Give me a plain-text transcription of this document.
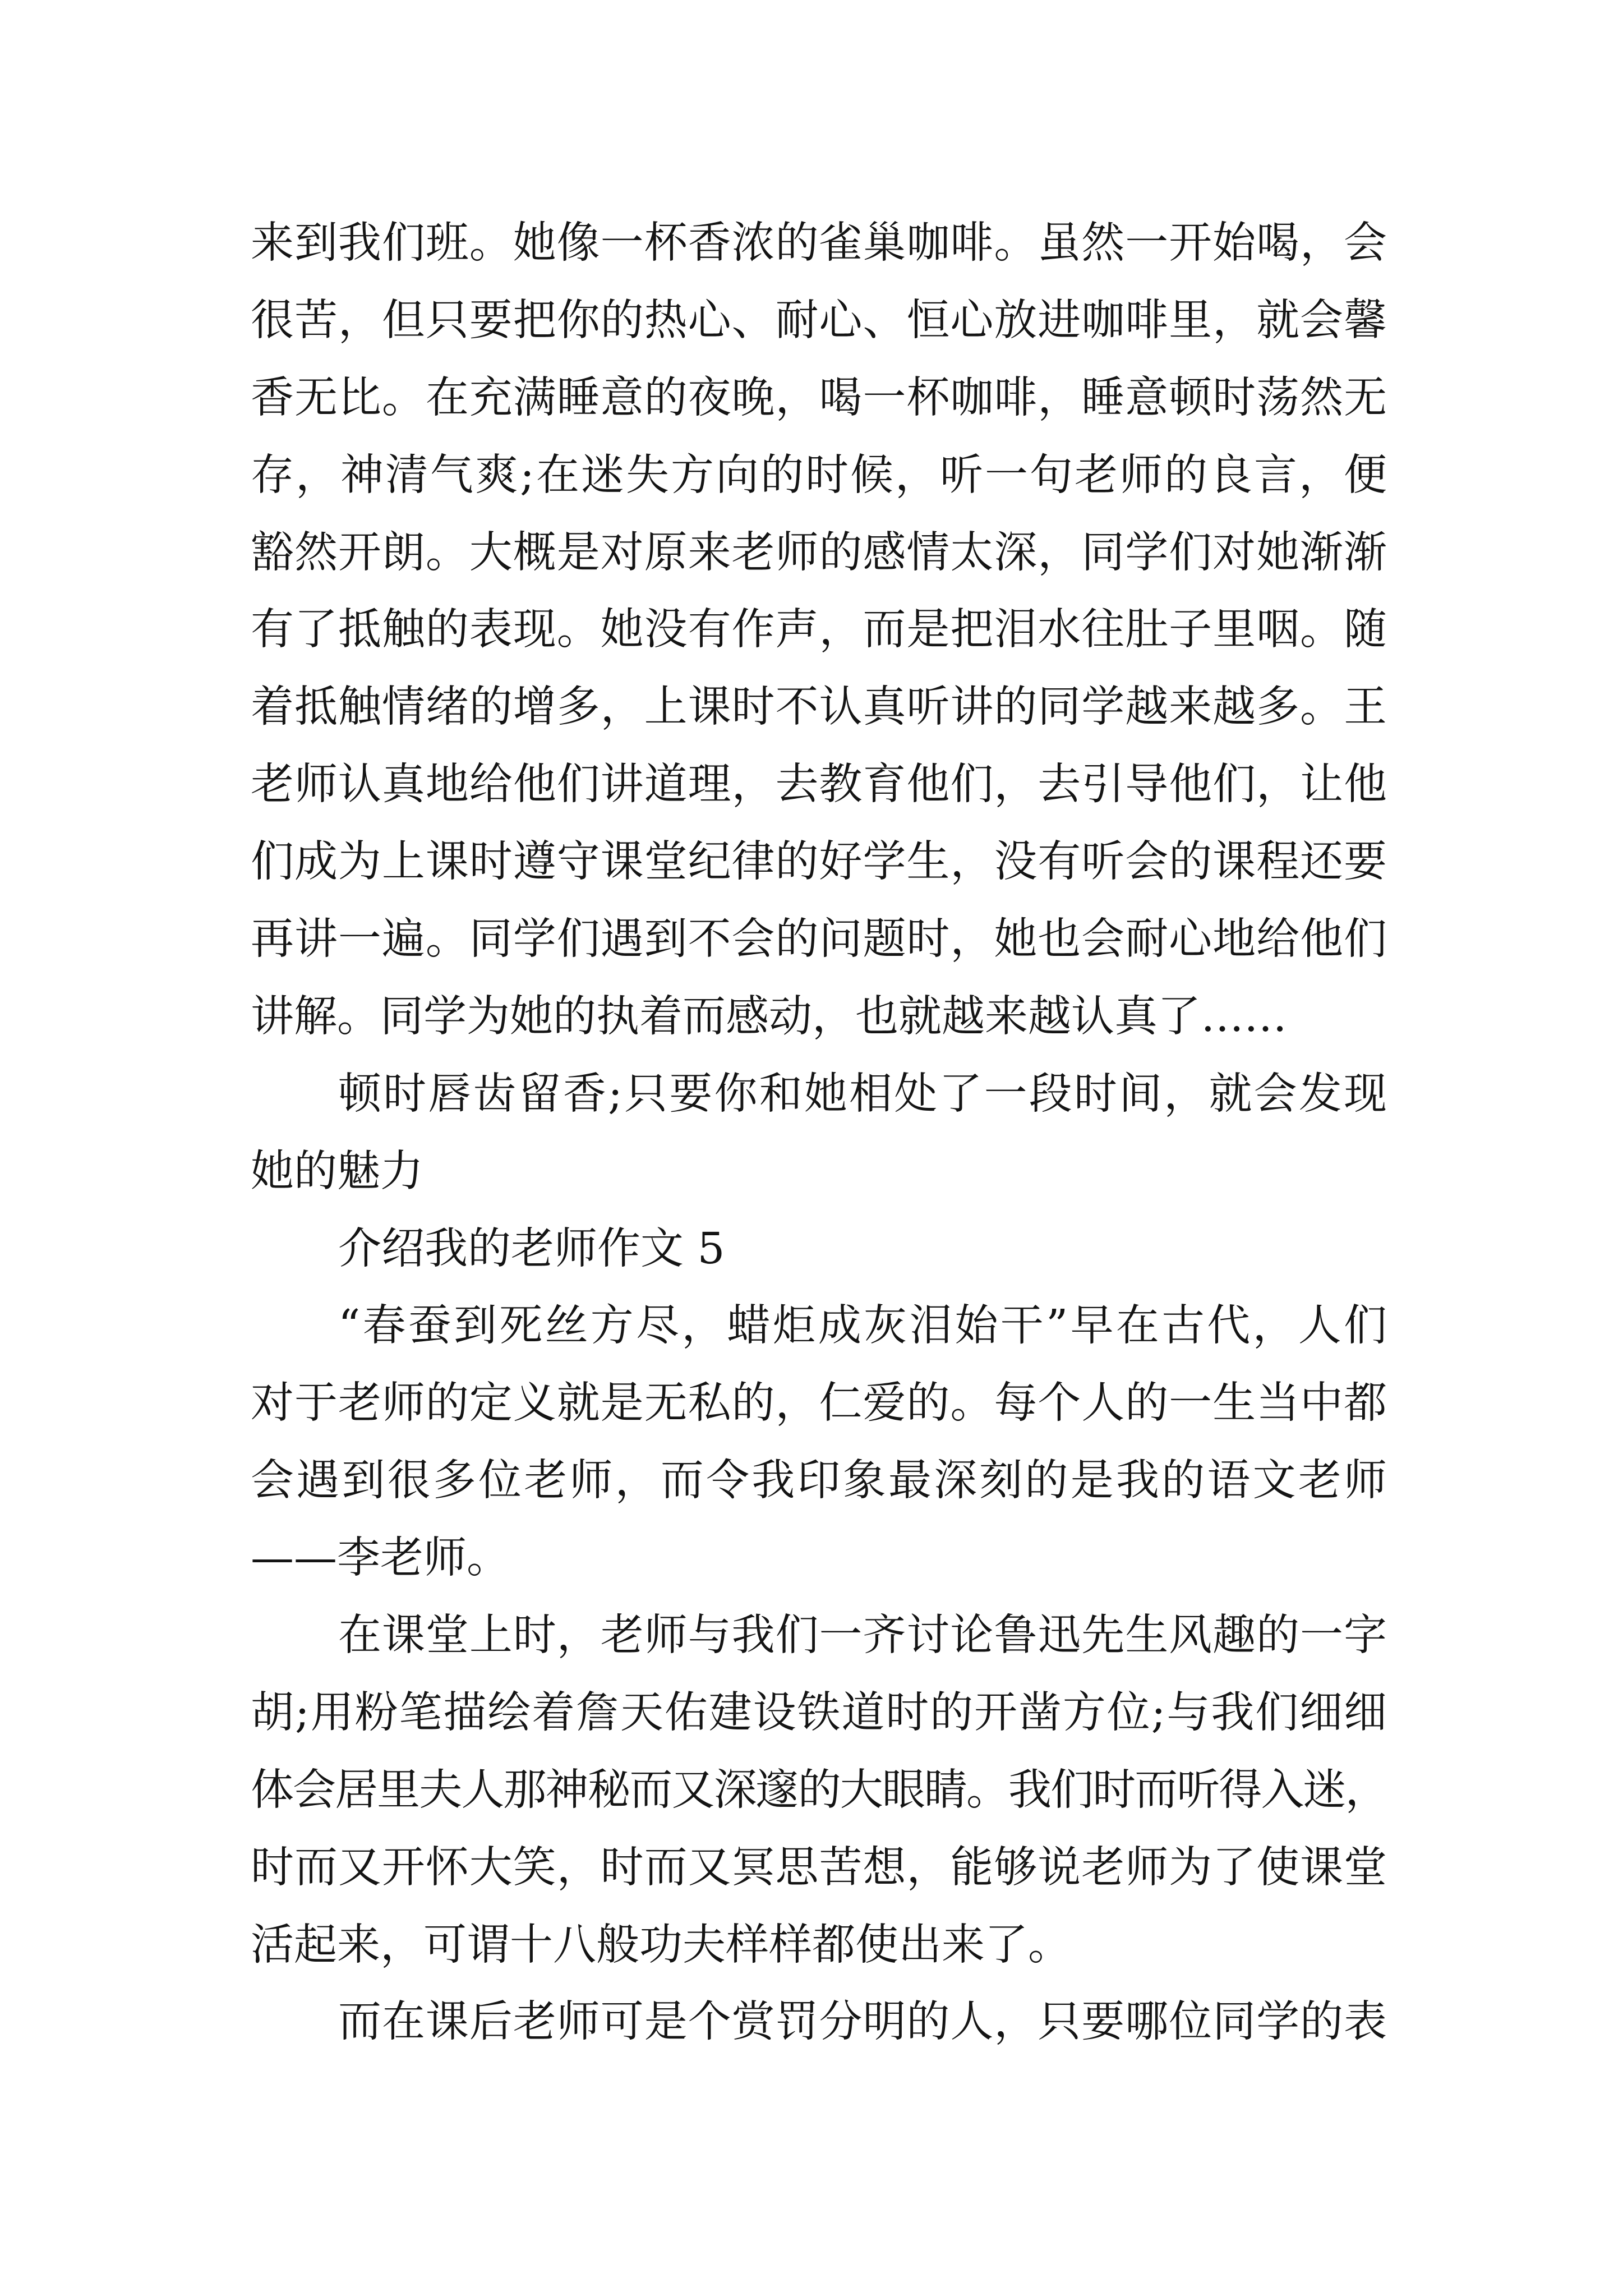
来到我们班。她像一杯香浓的雀巢咖啡。虽然一开始喝，会
很苦，但只要把你的热心、耐心、恒心放进咖啡里，就会馨
香无比。在充满睡意的夜晚，喝一杯咖啡，睡意顿时荡然无
存，神清气爽;在迷失方向的时候，听一句老师的良言，便
豁然开朗。大概是对原来老师的感情太深，同学们对她渐渐
有了抵触的表现。她没有作声，而是把泪水往肚子里咽。随
着抵触情绪的增多，上课时不认真听讲的同学越来越多。王
老师认真地给他们讲道理，去教育他们，去引导他们，让他
们成为上课时遵守课堂纪律的好学生，没有听会的课程还要
再讲一遍。同学们遇到不会的问题时，她也会耐心地给他们
讲解。同学为她的执着而感动，也就越来越认真了……
顿时唇齿留香;只要你和她相处了一段时间，就会发现
她的魅力
介绍我的老师作文 5
“春蚕到死丝方尽，蜡炬成灰泪始干”早在古代，人们
对于老师的定义就是无私的，仁爱的。每个人的一生当中都
会遇到很多位老师，而令我印象最深刻的是我的语文老师
——李老师。
在课堂上时，老师与我们一齐讨论鲁迅先生风趣的一字
胡;用粉笔描绘着詹天佑建设铁道时的开凿方位;与我们细细
体会居里夫人那神秘而又深邃的大眼睛。我们时而听得入迷，
时而又开怀大笑，时而又冥思苦想，能够说老师为了使课堂
活起来，可谓十八般功夫样样都使出来了。
而在课后老师可是个赏罚分明的人，只要哪位同学的表
